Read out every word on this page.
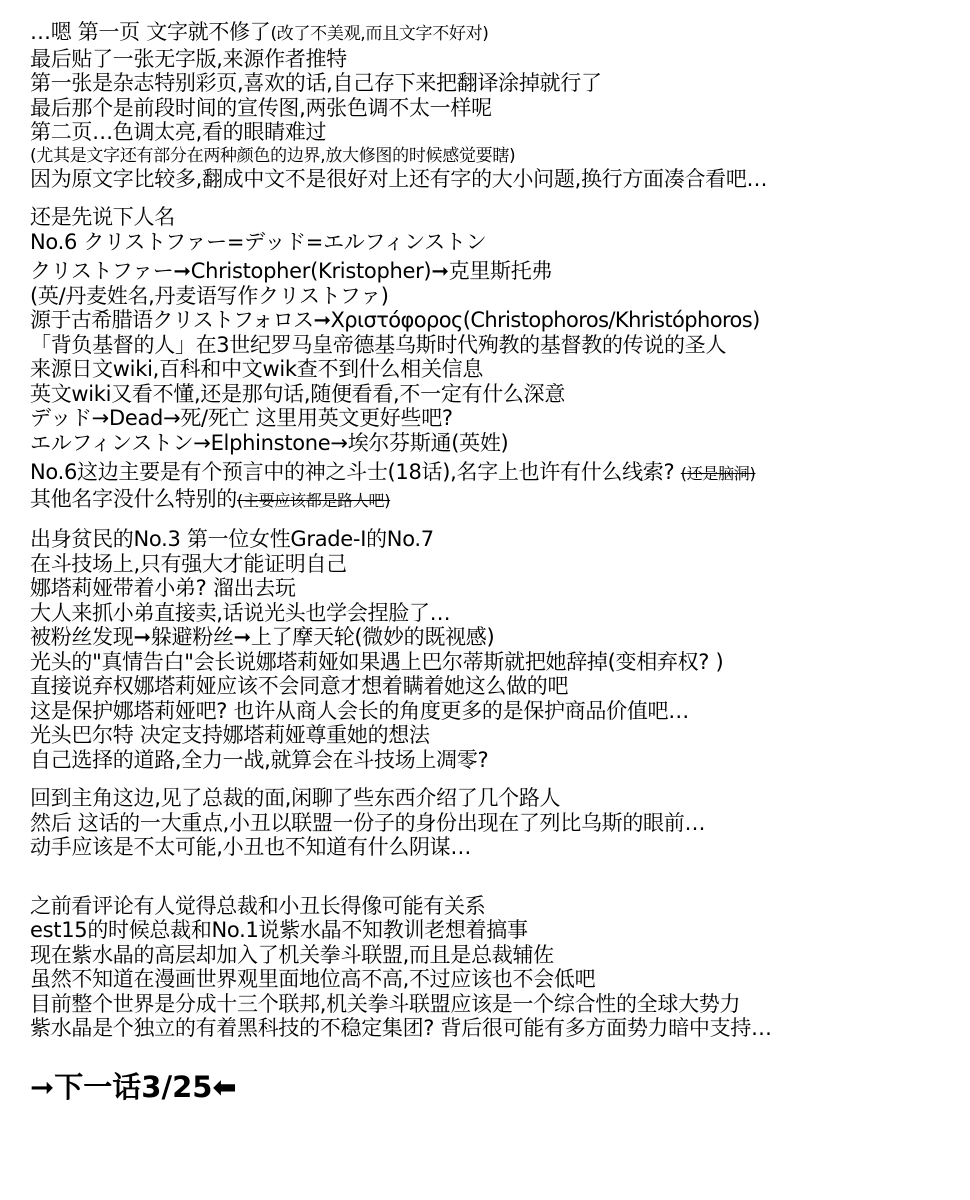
…嗯 第一页 文字就不修了(改了不美观,而且文字不好对)
最后贴了一张无字版,来源作者推特
第一张是杂志特别彩页,喜欢的话,自己存下来把翻译涂掉就行了
最后那个是前段时间的宣传图,两张色调不太一样呢
第二页…色调太亮,看的眼睛难过
(尤其是文字还有部分在两种颜色的边界,放大修图的时候感觉要瞎)
因为原文字比较多,翻成中文不是很好对上还有字的大小问题,换行方面凑合看吧…
还是先说下人名
No.6 クリストファー=デッド=エルフィンストン
クリストファー➞Christopher(Kristopher)➞克里斯托弗
(英/丹麦姓名,丹麦语写作クリストファ)
源于古希腊语クリストフォロス➞Χριστόφορος(Christophoros/Khristóphoros)
「背负基督的人」在3世纪罗马皇帝德基乌斯时代殉教的基督教的传说的圣人
来源日文wiki,百科和中文wik查不到什么相关信息
英文wiki又看不懂,还是那句话,随便看看,不一定有什么深意
デッド→Dead→死/死亡 这里用英文更好些吧?
エルフィンストン→Elphinstone→埃尔芬斯通(英姓)
No.6这边主要是有个预言中的神之斗士(18话),名字上也许有什么线索? (还是脑洞)
其他名字没什么特别的(主要应该都是路人吧)
出身贫民的No.3 第一位女性Grade-Ⅰ的No.7
在斗技场上,只有强大才能证明自己
娜塔莉娅带着小弟? 溜出去玩
大人来抓小弟直接卖,话说光头也学会捏脸了…
被粉丝发现➞躲避粉丝➞上了摩天轮(微妙的既视感)
光头的"真情告白"会长说娜塔莉娅如果遇上巴尔蒂斯就把她辞掉(变相弃权? )
直接说弃权娜塔莉娅应该不会同意才想着瞒着她这么做的吧
这是保护娜塔莉娅吧? 也许从商人会长的角度更多的是保护商品价值吧…
光头巴尔特 决定支持娜塔莉娅尊重她的想法
自己选择的道路,全力一战,就算会在斗技场上凋零?
回到主角这边,见了总裁的面,闲聊了些东西介绍了几个路人
然后 这话的一大重点,小丑以联盟一份子的身份出现在了列比乌斯的眼前…
动手应该是不太可能,小丑也不知道有什么阴谋…
之前看评论有人觉得总裁和小丑长得像可能有关系
est15的时候总裁和No.1说紫水晶不知教训老想着搞事
现在紫水晶的高层却加入了机关拳斗联盟,而且是总裁辅佐
虽然不知道在漫画世界观里面地位高不高,不过应该也不会低吧
目前整个世界是分成十三个联邦,机关拳斗联盟应该是一个综合性的全球大势力
紫水晶是个独立的有着黑科技的不稳定集团? 背后很可能有多方面势力暗中支持…
➞下一话3/25⬅
